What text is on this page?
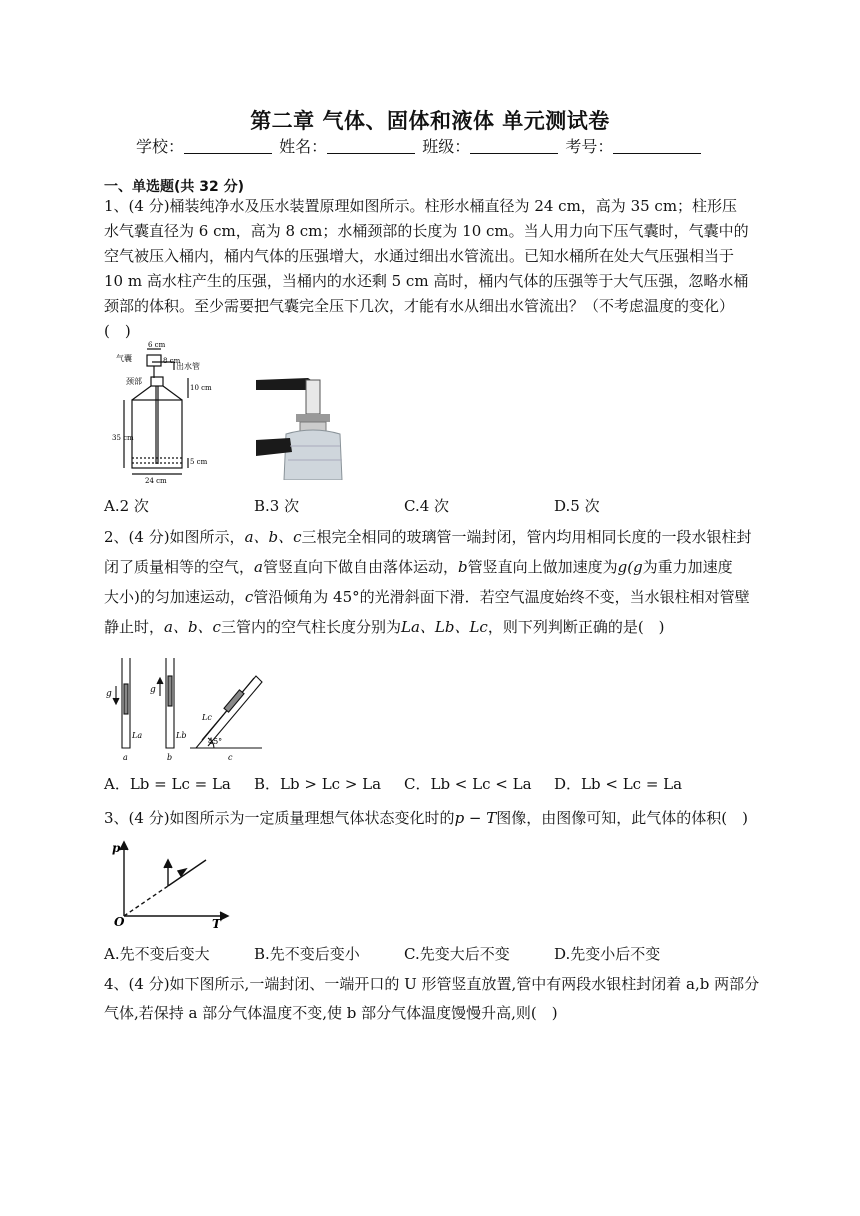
第二章 气体、固体和液体 单元测试卷
学校：	姓名：	班级：	考号：
一、单选题(共 32 分)
1、(4 分)桶装纯净水及压水装置原理如图所示。柱形水桶直径为 24 cm，高为 35 cm；柱形压水气囊直径为 6 cm，高为 8 cm；水桶颈部的长度为 10 cm。当人用力向下压气囊时，气囊中的空气被压入桶内，桶内气体的压强增大，水通过细出水管流出。已知水桶所在处大气压强相当于 10 m 高水柱产生的压强，当桶内的水还剩 5 cm 高时，桶内气体的压强等于大气压强，忽略水桶颈部的体积。至少需要把气囊完全压下几次，才能有水从细出水管流出？（不考虑温度的变化）(　)
6 cm
8 cm
气囊
出水管
颈部
10 cm
35 cm
5 cm
24 cm
A.2 次	B.3 次	C.4 次	D.5 次
2、(4 分)如图所示，a、b、c三根完全相同的玻璃管一端封闭，管内均用相同长度的一段水银柱封
闭了质量相等的空气，a管竖直向下做自由落体运动，b管竖直向上做加速度为g(g为重力加速度
大小)的匀加速运动，c管沿倾角为 45°的光滑斜面下滑．若空气温度始终不变，当水银柱相对管壁
静止时，a、b、c三管内的空气柱长度分别为La、Lb、Lc，则下列判断正确的是(　)
g	g
La	Lb
Lc
45°
a	b	c
A．Lb = Lc = La B．Lb > Lc > La C．Lb < Lc < La D．Lb < Lc = La
3、(4 分)如图所示为一定质量理想气体状态变化时的p − T图像，由图像可知，此气体的体积(　)
p
O	T
A.先不变后变大	B.先不变后变小	C.先变大后不变	D.先变小后不变
4、(4 分)如下图所示,一端封闭、一端开口的 U 形管竖直放置,管中有两段水银柱封闭着 a,b 两部分
气体,若保持 a 部分气体温度不变,使 b 部分气体温度馒慢升高,则(　)
